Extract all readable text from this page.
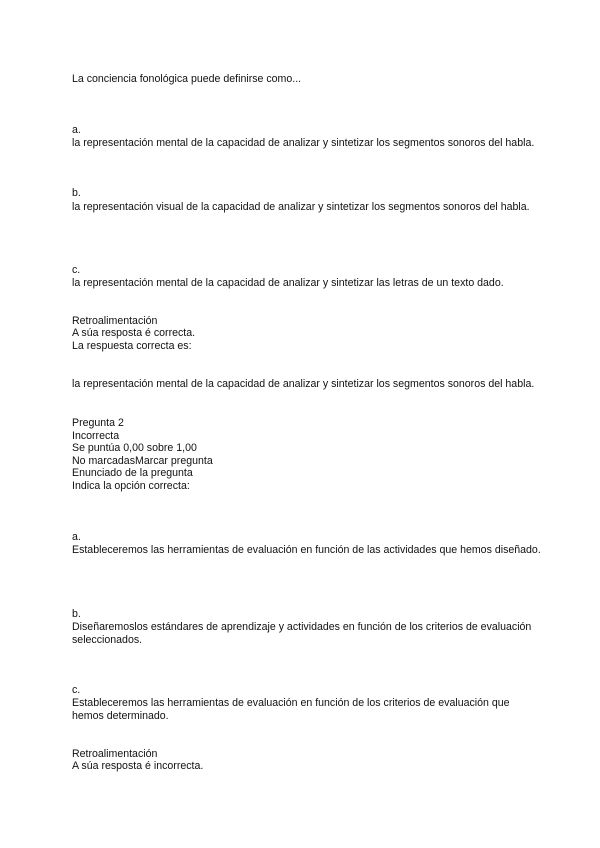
La conciencia fonológica puede definirse como...
a.
la representación mental de la capacidad de analizar y sintetizar los segmentos sonoros del habla.
b.
la representación visual de la capacidad de analizar y sintetizar los segmentos sonoros del habla.
c.
la representación mental de la capacidad de analizar y sintetizar las letras de un texto dado.
Retroalimentación
A súa resposta é correcta.
La respuesta correcta es:
la representación mental de la capacidad de analizar y sintetizar los segmentos sonoros del habla.
Pregunta 2
Incorrecta
Se puntúa 0,00 sobre 1,00
No marcadasMarcar pregunta
Enunciado de la pregunta
Indica la opción correcta:
a.
Estableceremos las herramientas de evaluación en función de las actividades que hemos diseñado.
b.
Diseñaremoslos estándares de aprendizaje y actividades en función de los criterios de evaluación seleccionados.
c.
Estableceremos las herramientas de evaluación en función de los criterios de evaluación que hemos determinado.
Retroalimentación
A súa resposta é incorrecta.
